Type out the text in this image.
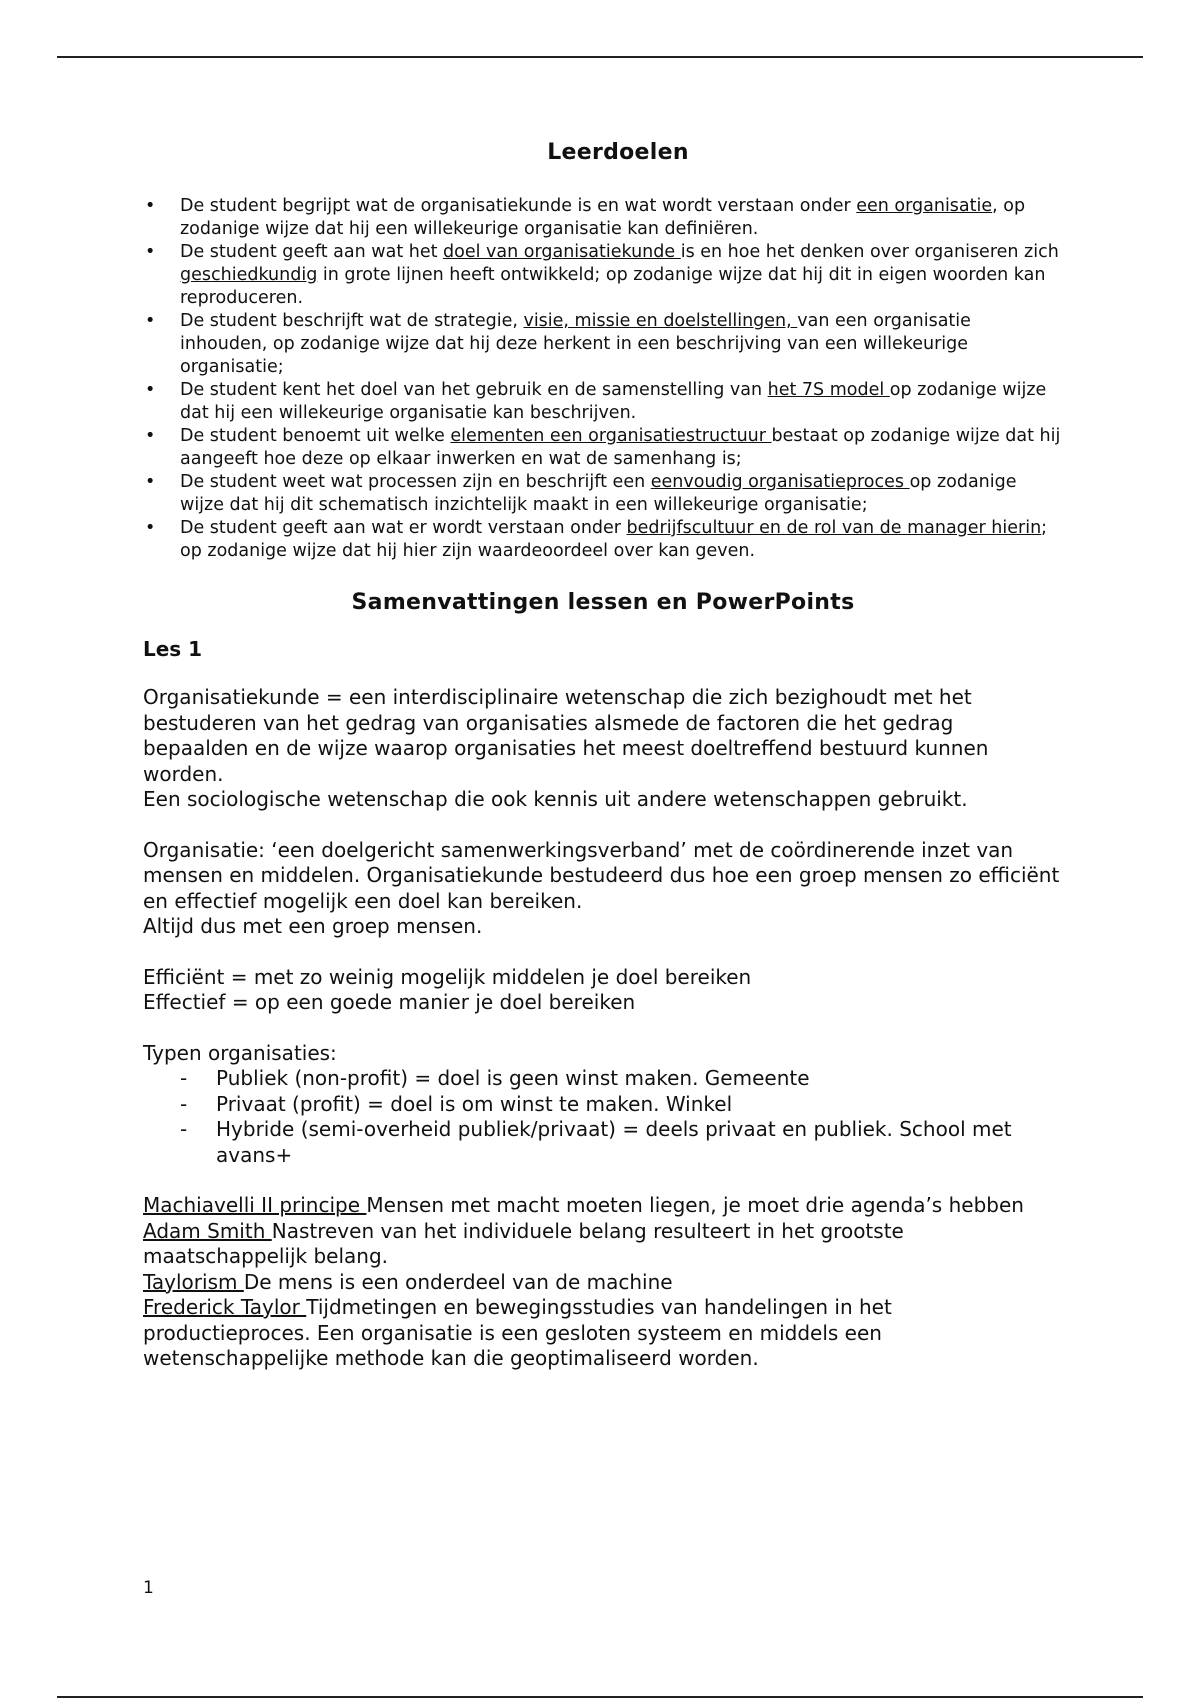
Leerdoelen
• De student begrijpt wat de organisatiekunde is en wat wordt verstaan onder een organisatie, op zodanige wijze dat hij een willekeurige organisatie kan definiëren.
• De student geeft aan wat het doel van organisatiekunde is en hoe het denken over organiseren zich geschiedkundig in grote lijnen heeft ontwikkeld; op zodanige wijze dat hij dit in eigen woorden kan reproduceren.
• De student beschrijft wat de strategie, visie, missie en doelstellingen, van een organisatie inhouden, op zodanige wijze dat hij deze herkent in een beschrijving van een willekeurige organisatie;
• De student kent het doel van het gebruik en de samenstelling van het 7S model op zodanige wijze dat hij een willekeurige organisatie kan beschrijven.
• De student benoemt uit welke elementen een organisatiestructuur bestaat op zodanige wijze dat hij aangeeft hoe deze op elkaar inwerken en wat de samenhang is;
• De student weet wat processen zijn en beschrijft een eenvoudig organisatieproces op zodanige wijze dat hij dit schematisch inzichtelijk maakt in een willekeurige organisatie;
• De student geeft aan wat er wordt verstaan onder bedrijfscultuur en de rol van de manager hierin; op zodanige wijze dat hij hier zijn waardeoordeel over kan geven.
Samenvattingen lessen en PowerPoints
Les 1

Organisatiekunde = een interdisciplinaire wetenschap die zich bezighoudt met het bestuderen van het gedrag van organisaties alsmede de factoren die het gedrag bepaalden en de wijze waarop organisaties het meest doeltreffend bestuurd kunnen worden.

Een sociologische wetenschap die ook kennis uit andere wetenschappen gebruikt.

Organisatie: ‘een doelgericht samenwerkingsverband’ met de coördinerende inzet van mensen en middelen. Organisatiekunde bestudeerd dus hoe een groep mensen zo efficiënt en effectief mogelijk een doel kan bereiken.

Altijd dus met een groep mensen.

Efficiënt = met zo weinig mogelijk middelen je doel bereiken

Effectief = op een goede manier je doel bereiken

Typen organisaties:

- Publiek (non-profit) = doel is geen winst maken. Gemeente
- Privaat (profit) = doel is om winst te maken. Winkel
- Hybride (semi-overheid publiek/privaat) = deels privaat en publiek. School met avans+

Machiavelli II principe Mensen met macht moeten liegen, je moet drie agenda’s hebben

Adam Smith Nastreven van het individuele belang resulteert in het grootste maatschappelijk belang.

Taylorism De mens is een onderdeel van de machine

Frederick Taylor Tijdmetingen en bewegingsstudies van handelingen in het productieproces. Een organisatie is een gesloten systeem en middels een wetenschappelijke methode kan die geoptimaliseerd worden.

1
